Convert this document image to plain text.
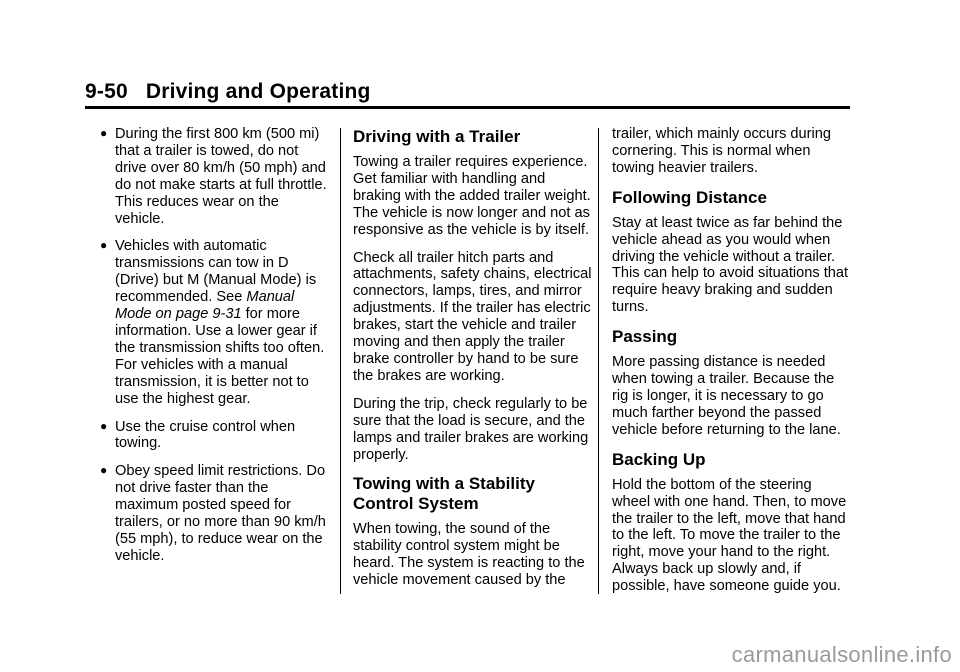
9-50 Driving and Operating
● During the first 800 km (500 mi) that a trailer is towed, do not drive over 80 km/h (50 mph) and do not make starts at full throttle. This reduces wear on the vehicle.
● Vehicles with automatic transmissions can tow in D (Drive) but M (Manual Mode) is recommended. See Manual Mode on page 9-31 for more information. Use a lower gear if the transmission shifts too often. For vehicles with a manual transmission, it is better not to use the highest gear.
● Use the cruise control when towing.
● Obey speed limit restrictions. Do not drive faster than the maximum posted speed for trailers, or no more than 90 km/h (55 mph), to reduce wear on the vehicle.
Driving with a Trailer

Towing a trailer requires experience. Get familiar with handling and braking with the added trailer weight. The vehicle is now longer and not as responsive as the vehicle is by itself.

Check all trailer hitch parts and attachments, safety chains, electrical connectors, lamps, tires, and mirror adjustments. If the trailer has electric brakes, start the vehicle and trailer moving and then apply the trailer brake controller by hand to be sure the brakes are working.

During the trip, check regularly to be sure that the load is secure, and the lamps and trailer brakes are working properly.

Towing with a Stability Control System

When towing, the sound of the stability control system might be heard. The system is reacting to the vehicle movement caused by the

trailer, which mainly occurs during cornering. This is normal when towing heavier trailers.

Following Distance

Stay at least twice as far behind the vehicle ahead as you would when driving the vehicle without a trailer. This can help to avoid situations that require heavy braking and sudden turns.

Passing

More passing distance is needed when towing a trailer. Because the rig is longer, it is necessary to go much farther beyond the passed vehicle before returning to the lane.

Backing Up

Hold the bottom of the steering wheel with one hand. Then, to move the trailer to the left, move that hand to the left. To move the trailer to the right, move your hand to the right. Always back up slowly and, if possible, have someone guide you.

carmanualsonline.info
